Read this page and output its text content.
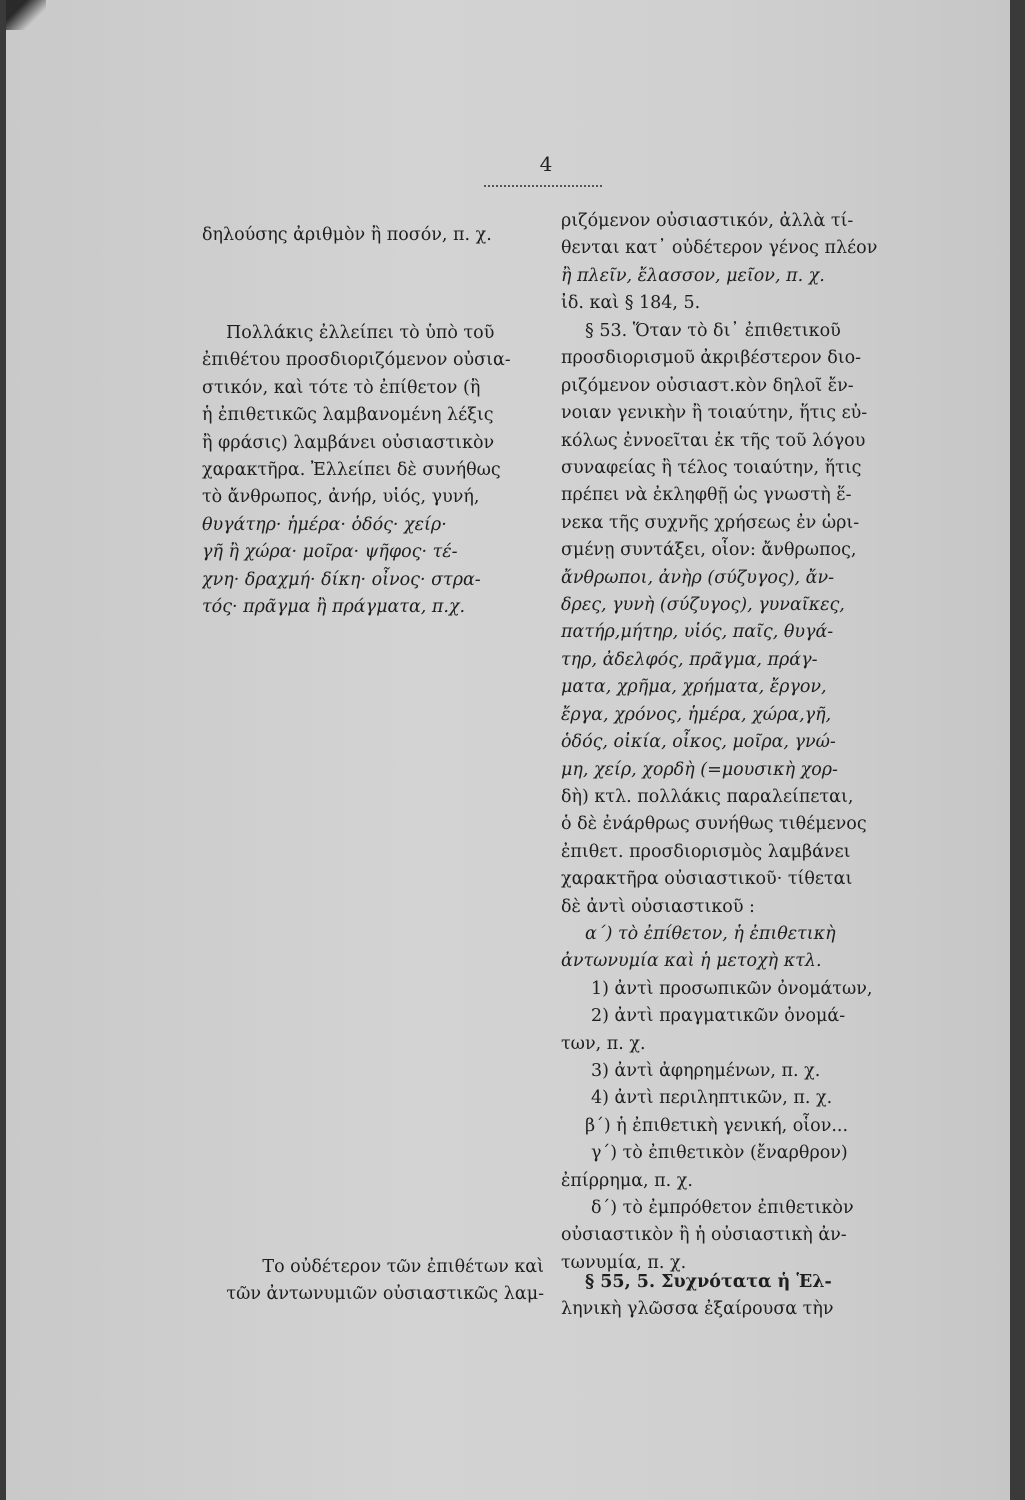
4
δηλούσης ἀριθμὸν ἢ ποσόν, π. χ.
Πολλάκις ἐλλείπει τὸ ὑπὸ τοῦ
ἐπιθέτου προσδιοριζόμενον οὐσια-
στικόν, καὶ τότε τὸ ἐπίθετον (ἢ
ἡ ἐπιθετικῶς λαμβανομένη λέξις
ἢ φράσις) λαμβάνει οὐσιαστικὸν
χαρακτῆρα. Ἐλλείπει δὲ συνήθως
τὸ ἄνθρωπος, ἀνήρ, υἱός, γυνή,
θυγάτηρ· ἡμέρα· ὁδός· χείρ·
γῆ ἢ χώρα· μοῖρα· ψῆφος· τέ-
χνη· δραχμή· δίκη· οἶνος· στρα-
τός· πρᾶγμα ἢ πράγματα, π.χ.
Το οὐδέτερον τῶν ἐπιθέτων καὶ
τῶν ἀντωνυμιῶν οὐσιαστικῶς λαμ-
ριζόμενον οὐσιαστικόν, ἀλλὰ τί-
θενται κατ᾽ οὐδέτερον γένος πλέον
ἢ πλεῖν, ἔλασσον, μεῖον, π. χ.
ἰδ. καὶ § 184, 5.
§ 53. Ὅταν τὸ δι᾽ ἐπιθετικοῦ
προσδιορισμοῦ ἀκριβέστερον διο-
ριζόμενον οὐσιαστ.κὸν δηλοῖ ἔν-
νοιαν γενικὴν ἢ τοιαύτην, ἥτις εὐ-
κόλως ἐννοεῖται ἐκ τῆς τοῦ λόγου
συναφείας ἢ τέλος τοιαύτην, ἥτις
πρέπει νὰ ἐκληφθῇ ὡς γνωστὴ ἕ-
νεκα τῆς συχνῆς χρήσεως ἐν ὡρι-
σμένῃ συντάξει, οἷον: ἄνθρωπος,
ἄνθρωποι, ἀνὴρ (σύζυγος), ἄν-
δρες, γυνὴ (σύζυγος), γυναῖκες,
πατήρ,μήτηρ, υἱός, παῖς, θυγά-
τηρ, ἀδελφός, πρᾶγμα, πράγ-
ματα, χρῆμα, χρήματα, ἔργον,
ἔργα, χρόνος, ἡμέρα, χώρα,γῆ,
ὁδός, οἰκία, οἶκος, μοῖρα, γνώ-
μη, χείρ, χορδὴ (=μουσικὴ χορ-
δὴ) κτλ. πολλάκις παραλείπεται,
ὁ δὲ ἐνάρθρως συνήθως τιθέμενος
ἐπιθετ. προσδιορισμὸς λαμβάνει
χαρακτῆρα οὐσιαστικοῦ· τίθεται
δὲ ἀντὶ οὐσιαστικοῦ :
α΄) τὸ ἐπίθετον, ἡ ἐπιθετικὴ
ἀντωνυμία καὶ ἡ μετοχὴ κτλ.
1) ἀντὶ προσωπικῶν ὀνομάτων,
2) ἀντὶ πραγματικῶν ὀνομά-
των, π. χ.
3) ἀντὶ ἀφηρημένων, π. χ.
4) ἀντὶ περιληπτικῶν, π. χ.
β΄) ἡ ἐπιθετικὴ γενική, οἷον...
γ΄) τὸ ἐπιθετικὸν (ἔναρθρον)
ἐπίρρημα, π. χ.
δ΄) τὸ ἐμπρόθετον ἐπιθετικὸν
οὐσιαστικὸν ἢ ἡ οὐσιαστικὴ ἀν-
τωνυμία, π. χ.
§ 55, 5. Συχνότατα ἡ Ἑλ-
ληνικὴ γλῶσσα ἐξαίρουσα τὴν
